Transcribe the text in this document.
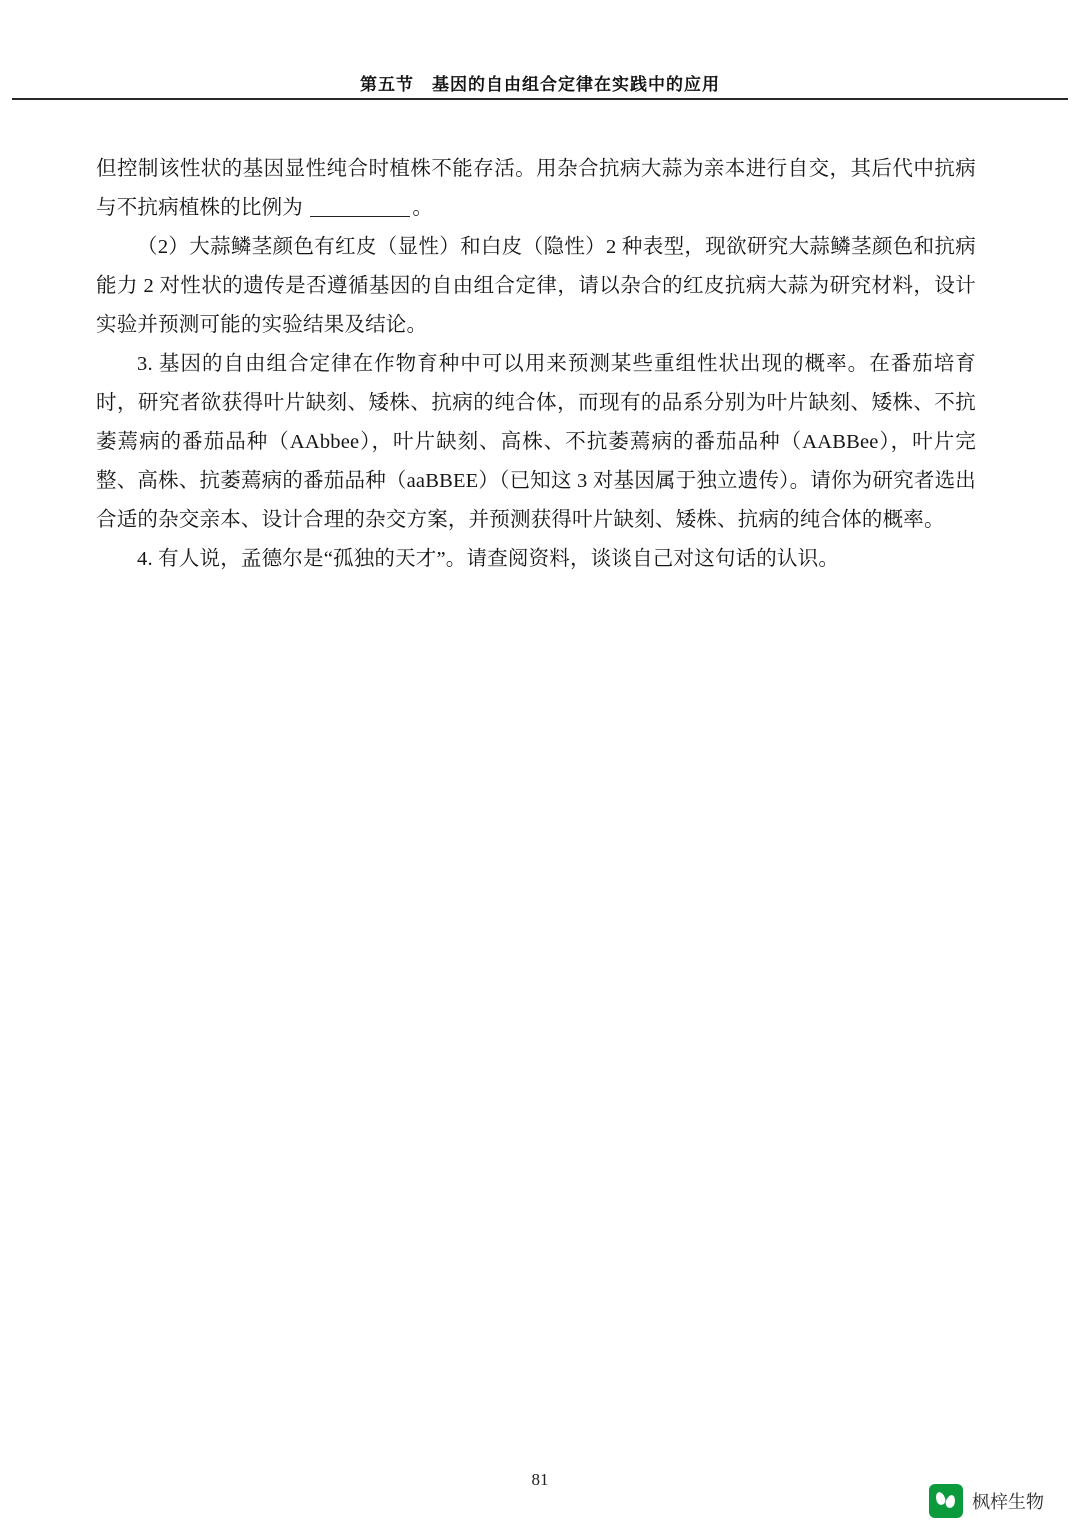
第五节　基因的自由组合定律在实践中的应用

但控制该性状的基因显性纯合时植株不能存活。用杂合抗病大蒜为亲本进行自交，其后代中抗病与不抗病植株的比例为	。

（2）大蒜鳞茎颜色有红皮（显性）和白皮（隐性）2 种表型，现欲研究大蒜鳞茎颜色和抗病能力 2 对性状的遗传是否遵循基因的自由组合定律，请以杂合的红皮抗病大蒜为研究材料，设计实验并预测可能的实验结果及结论。

3. 基因的自由组合定律在作物育种中可以用来预测某些重组性状出现的概率。在番茄培育时，研究者欲获得叶片缺刻、矮株、抗病的纯合体，而现有的品系分别为叶片缺刻、矮株、不抗萎蔫病的番茄品种（AAbbee），叶片缺刻、高株、不抗萎蔫病的番茄品种（AABBee），叶片完整、高株、抗萎蔫病的番茄品种（aaBBEE）（已知这 3 对基因属于独立遗传）。请你为研究者选出合适的杂交亲本、设计合理的杂交方案，并预测获得叶片缺刻、矮株、抗病的纯合体的概率。

4. 有人说，孟德尔是“孤独的天才”。请查阅资料，谈谈自己对这句话的认识。

81
枫梓生物
